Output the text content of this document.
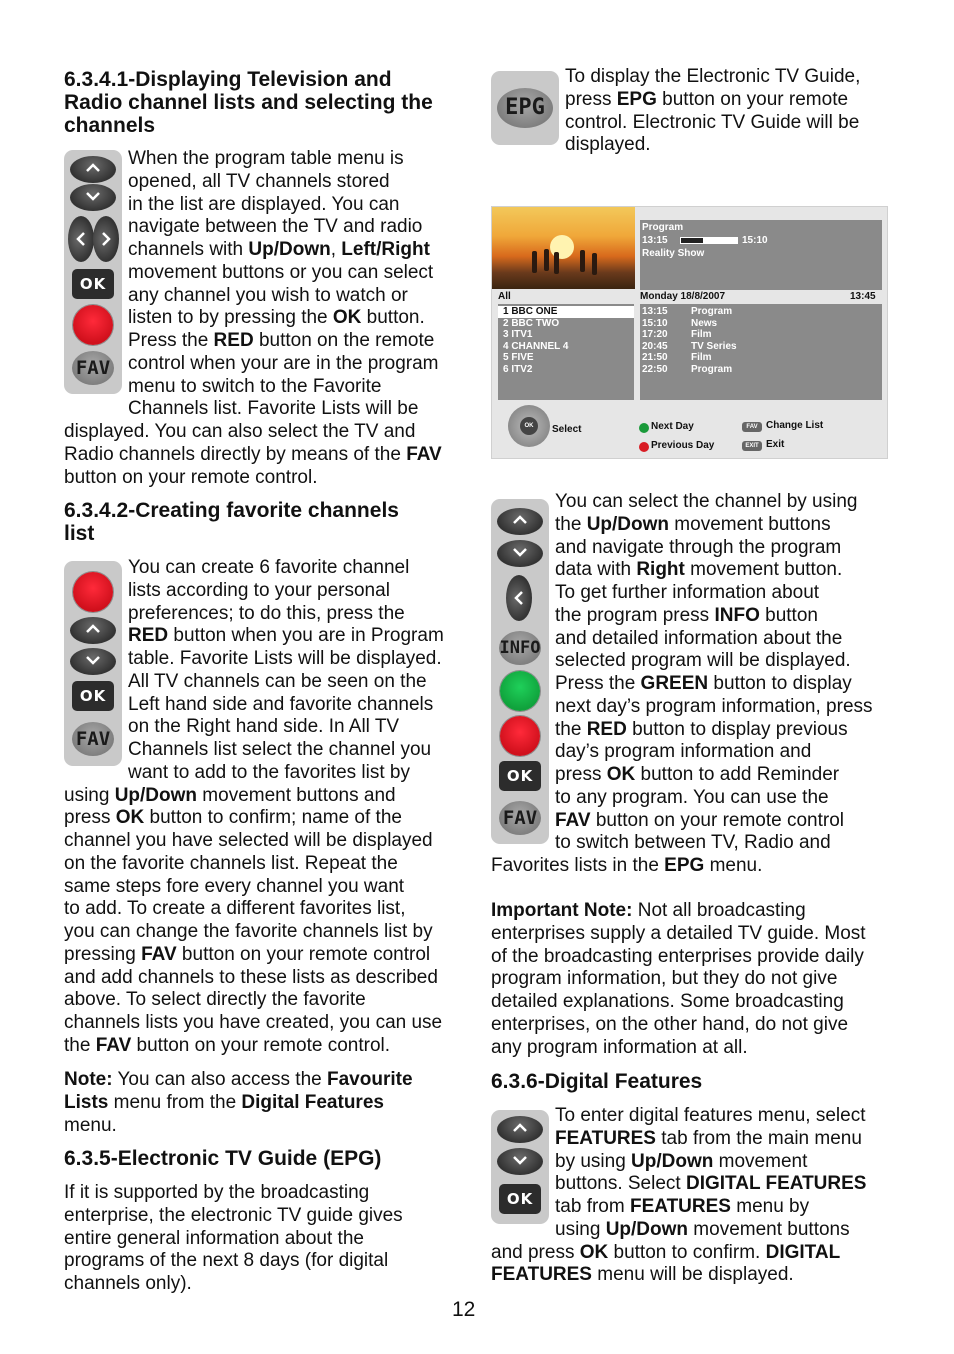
6.3.4.1-Displaying Television and
Radio channel lists and selecting the
channels
OK
FAV
When the program table menu is
opened, all TV channels stored
in the list are displayed. You can
navigate between the TV and radio
channels with Up/Down, Left/Right
movement buttons or you can select
any channel you wish to watch or
listen to by pressing the OK button.
Press the RED button on the remote
control when your are in the program
menu to switch to the Favorite
Channels list. Favorite Lists will be
displayed. You can also select the TV and
Radio channels directly by means of the FAV
button on your remote control.
6.3.4.2-Creating favorite channels
list
OK
FAV
You can create 6 favorite channel
lists according to your personal
preferences; to do this, press the
RED button when you are in Program
table. Favorite Lists will be displayed.
All TV channels can be seen on the
Left hand side and favorite channels
on the Right hand side. In All TV
Channels list select the channel you
want to add to the favorites list by
using Up/Down movement buttons and
press OK button to confirm; name of the
channel you have selected will be displayed
on the favorite channels list. Repeat the
same steps fore every channel you want
to add. To create a different favorites list,
you can change the favorite channels list by
pressing FAV button on your remote control
and add channels to these lists as described
above. To select directly the favorite
channels lists you have created, you can use
the FAV button on your remote control.
Note: You can also access the Favourite
Lists menu from the Digital Features
menu.
6.3.5-Electronic TV Guide (EPG)
If it is supported by the broadcasting
enterprise, the electronic TV guide gives
entire general information about the
programs of the next 8 days (for digital
channels only).
EPG
To display the Electronic TV Guide,
press EPG button on your remote
control. Electronic TV Guide will be
displayed.
Program
13:15	15:10
Reality Show
All	Monday 18/8/2007	13:45
1 BBC ONE
2 BBC TWO
3 ITV1
4 CHANNEL 4
5 FIVE
6 ITV2
13:15 Program
15:10 News
17:20 Film
20:45 TV Series
21:50 Film
22:50 Program
OK	Select	Next Day
Previous Day
FAV Change List
EXIT Exit
INFO
OK
FAV
You can select the channel by using
the Up/Down movement buttons
and navigate through the program
data with Right movement button.
To get further information about
the program press INFO button
and detailed information about the
selected program will be displayed.
Press the GREEN button to display
next day’s program information, press
the RED button to display previous
day’s program information and
press OK button to add Reminder
to any program. You can use the
FAV button on your remote control
to switch between TV, Radio and
Favorites lists in the EPG menu.
Important Note: Not all broadcasting
enterprises supply a detailed TV guide. Most
of the broadcasting enterprises provide daily
program information, but they do not give
detailed explanations. Some broadcasting
enterprises, on the other hand, do not give
any program information at all.
6.3.6-Digital Features
OK
To enter digital features menu, select
FEATURES tab from the main menu
by using Up/Down movement
buttons. Select DIGITAL FEATURES
tab from FEATURES menu by
using Up/Down movement buttons
and press OK button to confirm. DIGITAL
FEATURES menu will be displayed.
12
